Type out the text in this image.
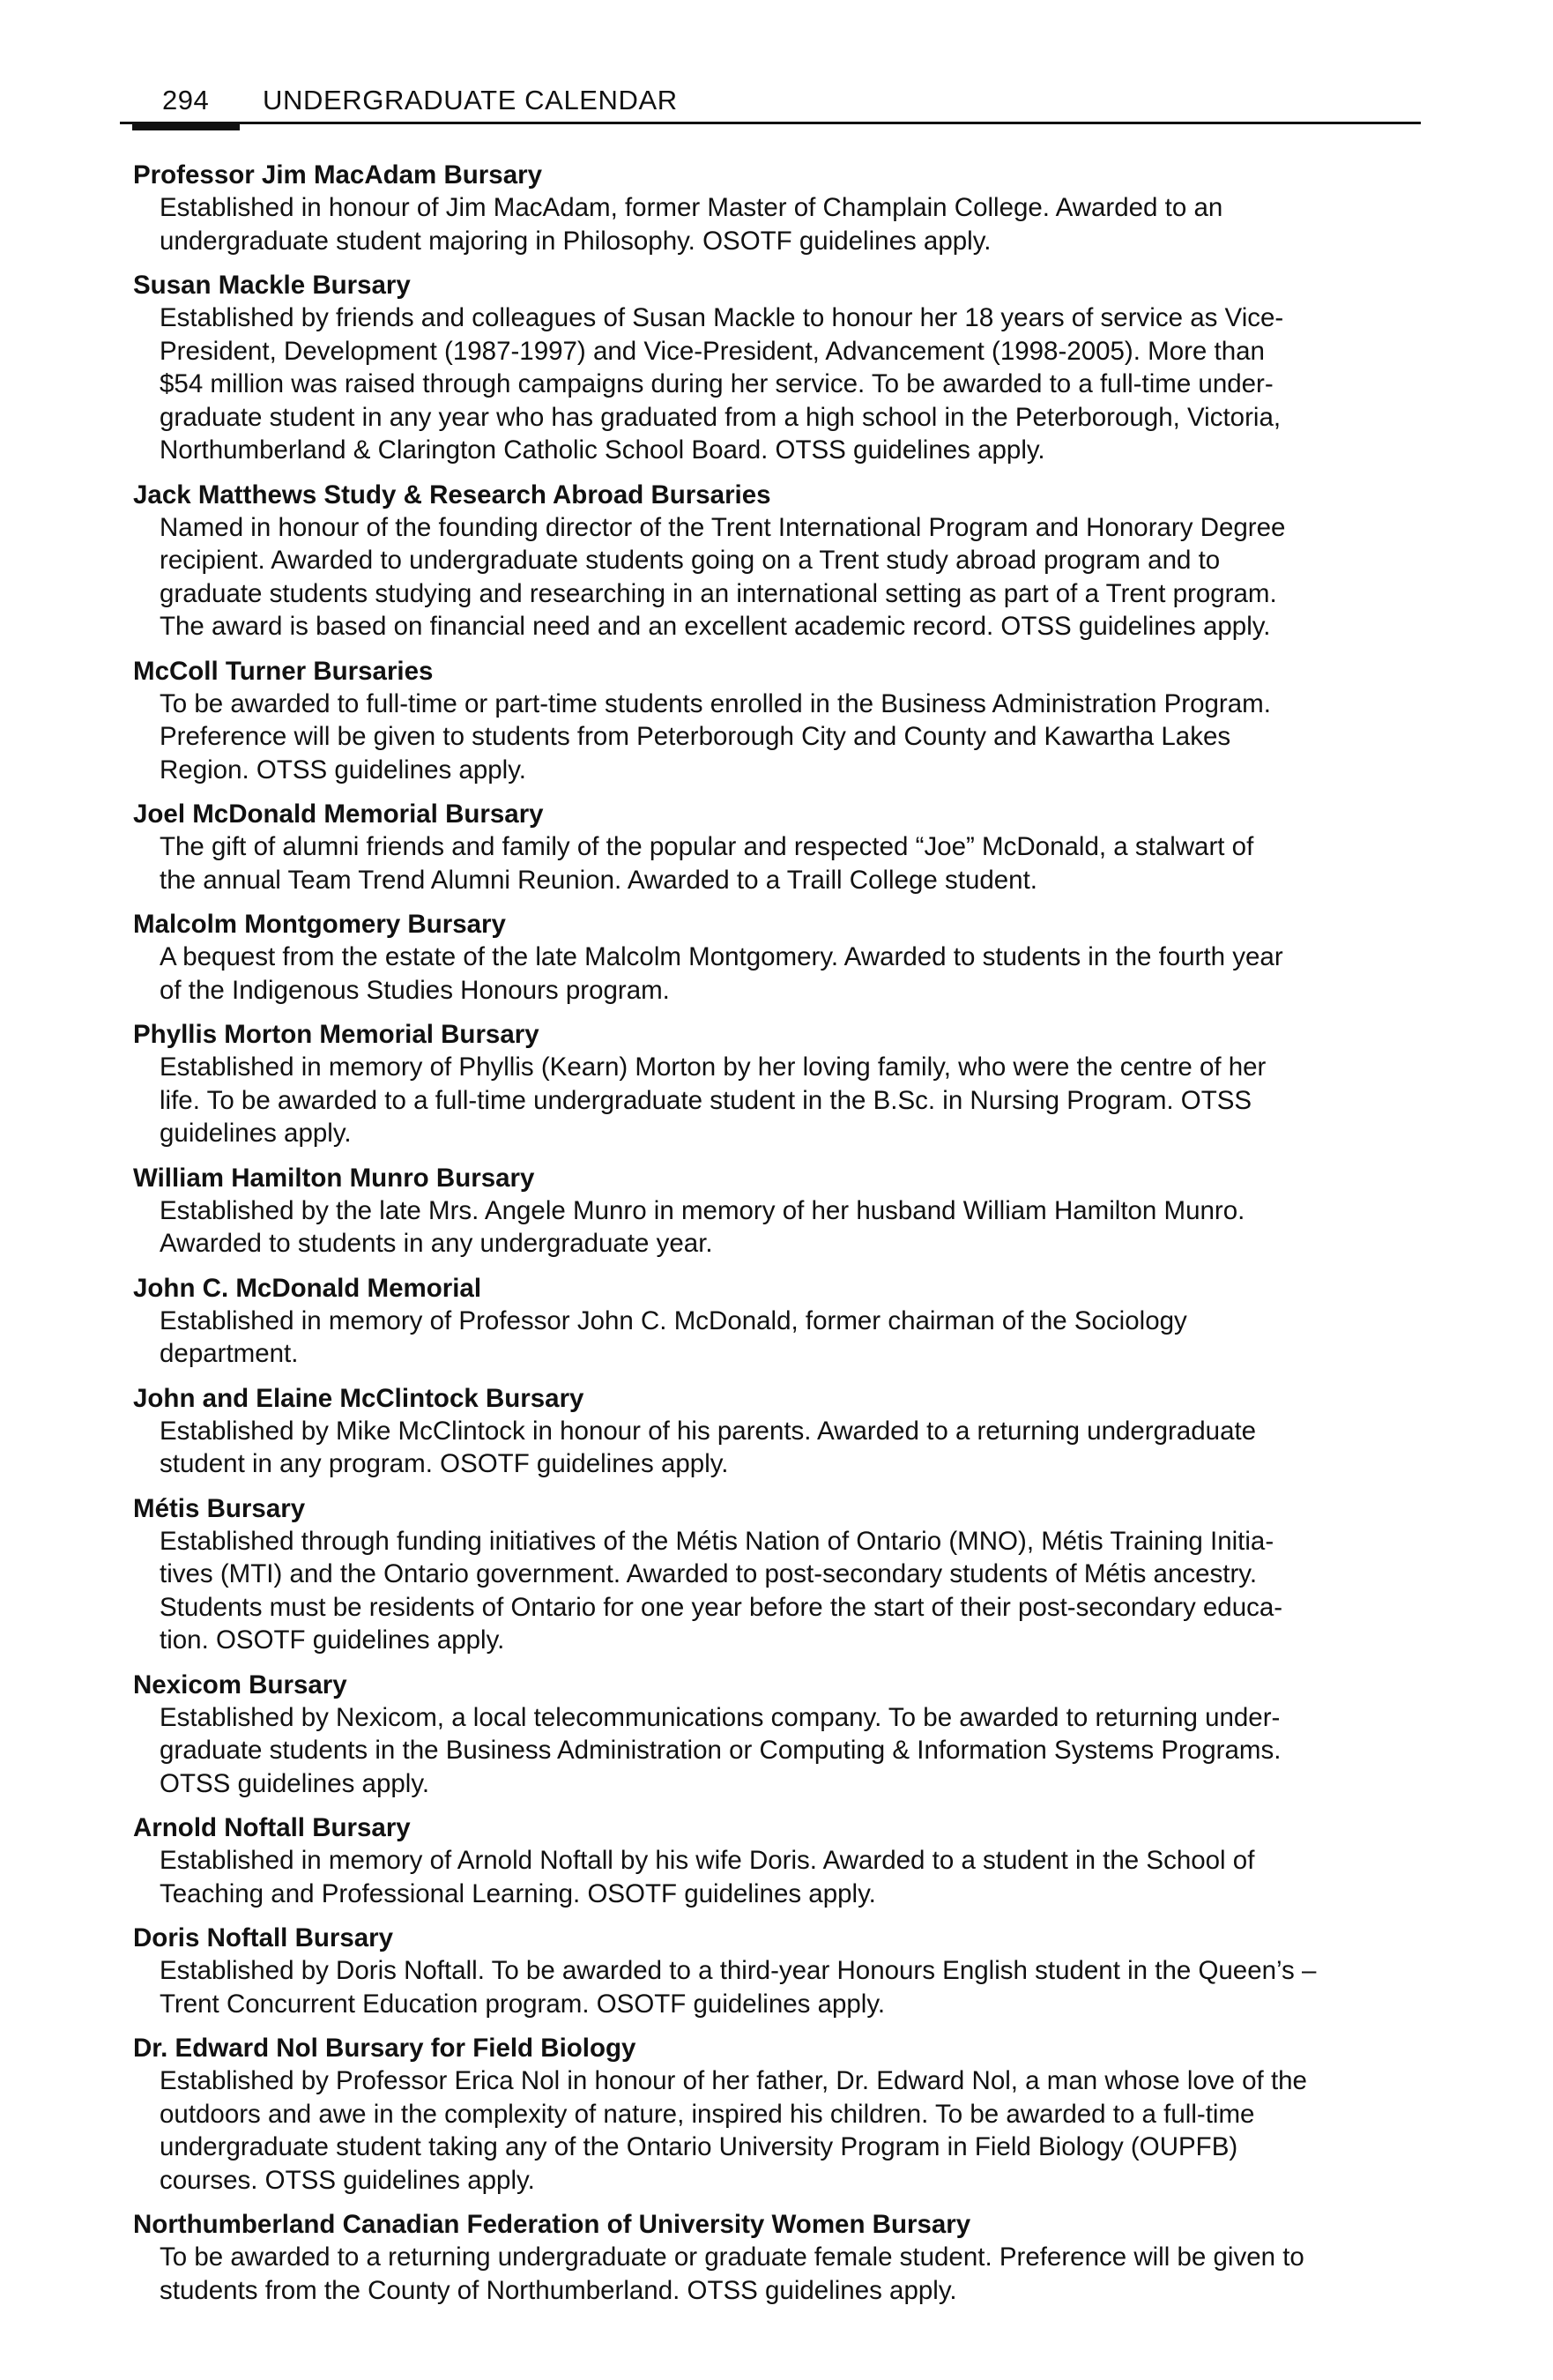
294 UNDERGRADUATE CALENDAR
Professor Jim MacAdam Bursary
Established in honour of Jim MacAdam, former Master of Champlain College. Awarded to an
undergraduate student majoring in Philosophy. OSOTF guidelines apply.
Susan Mackle Bursary
Established by friends and colleagues of Susan Mackle to honour her 18 years of service as Vice-
President, Development (1987-1997) and Vice-President, Advancement (1998-2005). More than
$54 million was raised through campaigns during her service. To be awarded to a full-time under-
graduate student in any year who has graduated from a high school in the Peterborough, Victoria,
Northumberland & Clarington Catholic School Board. OTSS guidelines apply.
Jack Matthews Study & Research Abroad Bursaries
Named in honour of the founding director of the Trent International Program and Honorary Degree
recipient. Awarded to undergraduate students going on a Trent study abroad program and to
graduate students studying and researching in an international setting as part of a Trent program.
The award is based on financial need and an excellent academic record. OTSS guidelines apply.
McColl Turner Bursaries
To be awarded to full-time or part-time students enrolled in the Business Administration Program.
Preference will be given to students from Peterborough City and County and Kawartha Lakes
Region. OTSS guidelines apply.
Joel McDonald Memorial Bursary
The gift of alumni friends and family of the popular and respected “Joe” McDonald, a stalwart of
the annual Team Trend Alumni Reunion. Awarded to a Traill College student.
Malcolm Montgomery Bursary
A bequest from the estate of the late Malcolm Montgomery. Awarded to students in the fourth year
of the Indigenous Studies Honours program.
Phyllis Morton Memorial Bursary
Established in memory of Phyllis (Kearn) Morton by her loving family, who were the centre of her
life. To be awarded to a full-time undergraduate student in the B.Sc. in Nursing Program. OTSS
guidelines apply.
William Hamilton Munro Bursary
Established by the late Mrs. Angele Munro in memory of her husband William Hamilton Munro.
Awarded to students in any undergraduate year.
John C. McDonald Memorial
Established in memory of Professor John C. McDonald, former chairman of the Sociology
department.
John and Elaine McClintock Bursary
Established by Mike McClintock in honour of his parents. Awarded to a returning undergraduate
student in any program. OSOTF guidelines apply.
Métis Bursary
Established through funding initiatives of the Métis Nation of Ontario (MNO), Métis Training Initia-
tives (MTI) and the Ontario government. Awarded to post-secondary students of Métis ancestry.
Students must be residents of Ontario for one year before the start of their post-secondary educa-
tion. OSOTF guidelines apply.
Nexicom Bursary
Established by Nexicom, a local telecommunications company. To be awarded to returning under-
graduate students in the Business Administration or Computing & Information Systems Programs.
OTSS guidelines apply.
Arnold Noftall Bursary
Established in memory of Arnold Noftall by his wife Doris. Awarded to a student in the School of
Teaching and Professional Learning. OSOTF guidelines apply.
Doris Noftall Bursary
Established by Doris Noftall. To be awarded to a third-year Honours English student in the Queen’s –
Trent Concurrent Education program. OSOTF guidelines apply.
Dr. Edward Nol Bursary for Field Biology
Established by Professor Erica Nol in honour of her father, Dr. Edward Nol, a man whose love of the
outdoors and awe in the complexity of nature, inspired his children. To be awarded to a full-time
undergraduate student taking any of the Ontario University Program in Field Biology (OUPFB)
courses. OTSS guidelines apply.
Northumberland Canadian Federation of University Women Bursary
To be awarded to a returning undergraduate or graduate female student. Preference will be given to
students from the County of Northumberland. OTSS guidelines apply.
